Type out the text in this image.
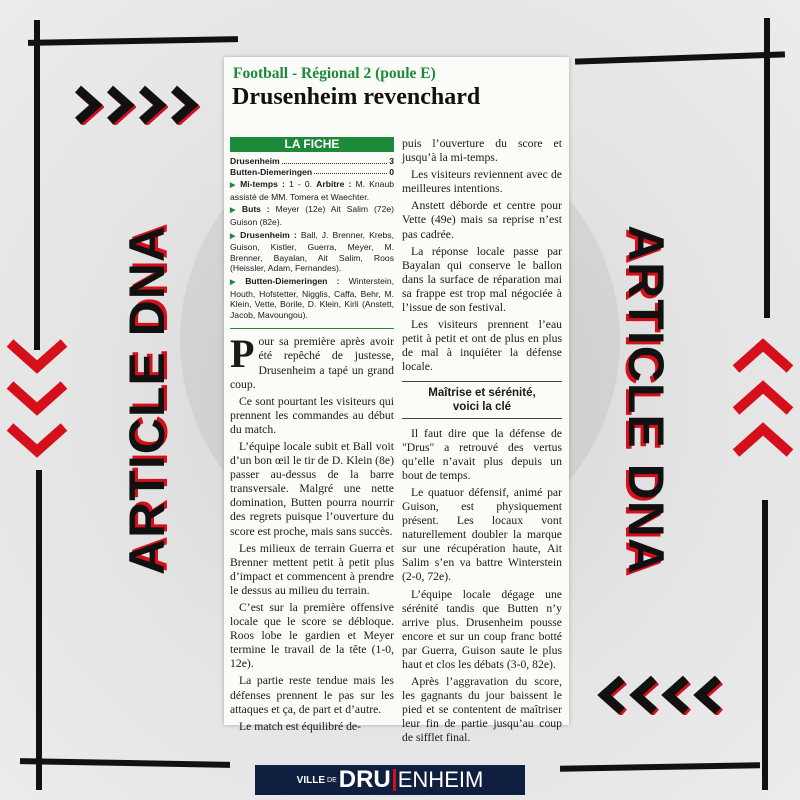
ARTICLE DNA	ARTICLE DNA
Football - Régional 2 (poule E)
Drusenheim revenchard
LA FICHE
Drusenheim	3
Butten-Diemeringen	0
▶ Mi-temps : 1 - 0. Arbitre : M. Knaub assisté de MM. Tomera et Waechter.
▶ Buts : Meyer (12e) Ait Salim (72e) Guison (82e).
▶ Drusenheim : Ball, J. Brenner, Krebs, Guison, Kistler, Guerra, Meyer, M. Brenner, Bayalan, Ait Salim, Roos (Heissler, Adam, Fernandes).
▶ Butten-Diemeringen : Winterstein, Houth, Hofstetter, Nigglis, Caffa, Behr, M. Klein, Vette, Borile, D. Klein, Kirli (Anstett, Jacob, Mavoungou).

Pour sa première après avoir été repêché de justesse, Drusenheim a tapé un grand coup.

Ce sont pourtant les visiteurs qui prennent les commandes au début du match.

L’équipe locale subit et Ball voit d’un bon œil le tir de D. Klein (8e) passer au-dessus de la barre transversale. Malgré une nette domination, Butten pourra nourrir des regrets puisque l’ouverture du score est proche, mais sans succès.

Les milieux de terrain Guerra et Brenner mettent petit à petit plus d’impact et commencent à prendre le dessus au milieu du terrain.

C’est sur la première offensive locale que le score se débloque. Roos lobe le gardien et Meyer termine le travail de la tête (1-0, 12e).

La partie reste tendue mais les défenses prennent le pas sur les attaques et ça, de part et d’autre.

Le match est équilibré de-

puis l’ouverture du score et jusqu’à la mi-temps.

Les visiteurs reviennent avec de meilleures intentions.

Anstett déborde et centre pour Vette (49e) mais sa reprise n’est pas cadrée.

La réponse locale passe par Bayalan qui conserve le ballon dans la surface de réparation mai sa frappe est trop mal négociée à l’issue de son festival.

Les visiteurs prennent l’eau petit à petit et ont de plus en plus de mal à inquiéter la défense locale.

Maîtrise et sérénité,
voici la clé

Il faut dire que la défense de "Drus" a retrouvé des vertus qu’elle n’avait plus depuis un bout de temps.

Le quatuor défensif, animé par Guison, est physiquement présent. Les locaux vont naturellement doubler la marque sur une récupération haute, Ait Salim s’en va battre Winterstein (2-0, 72e).

L’équipe locale dégage une sérénité tandis que Butten n’y arrive plus. Drusenheim pousse encore et sur un coup franc botté par Guerra, Guison saute le plus haut et clos les débats (3-0, 82e).

Après l’aggravation du score, les gagnants du jour baissent le pied et se contentent de maîtriser leur fin de partie jusqu’au coup de sifflet final.

VILLE DE DRU ENHEIM
